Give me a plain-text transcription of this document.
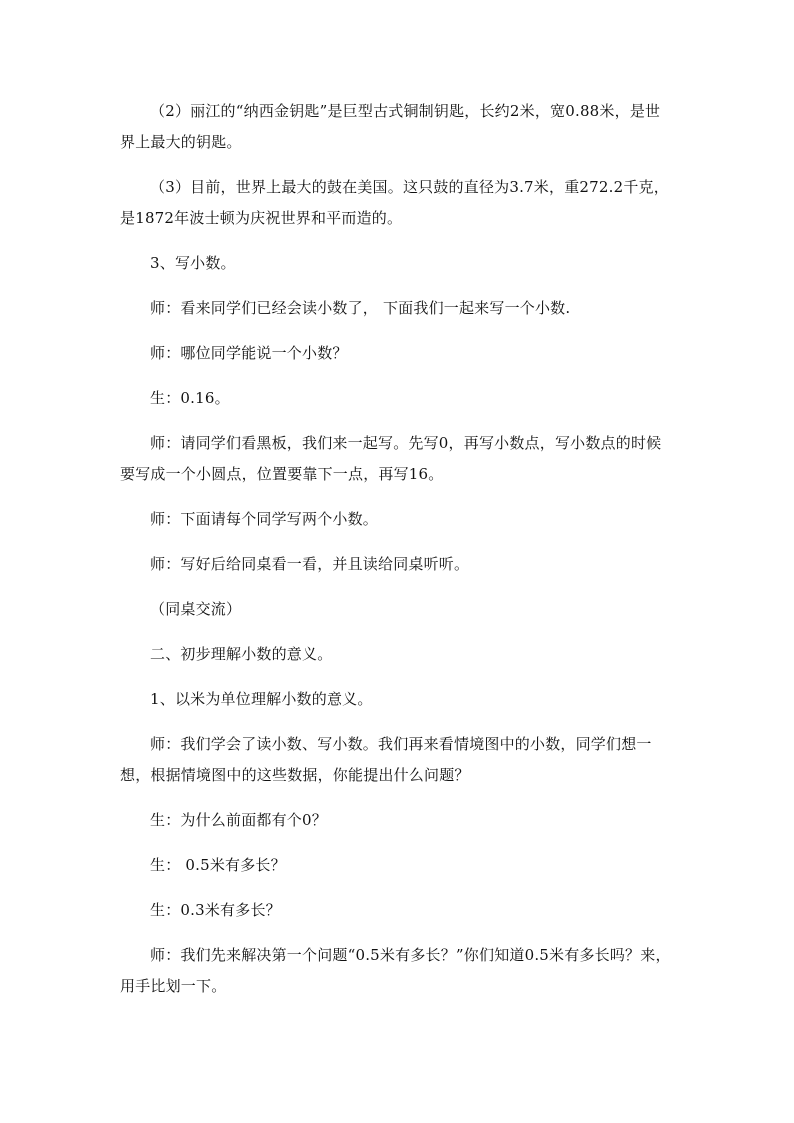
（2）丽江的“纳西金钥匙”是巨型古式铜制钥匙，长约2米，宽0.88米，是世界上最大的钥匙。

（3）目前，世界上最大的鼓在美国。这只鼓的直径为3.7米，重272.2千克，是1872年波士顿为庆祝世界和平而造的。

3、写小数。

师：看来同学们已经会读小数了， 下面我们一起来写一个小数.

师：哪位同学能说一个小数？

生：0.16。

师：请同学们看黑板，我们来一起写。先写0，再写小数点，写小数点的时候要写成一个小圆点，位置要靠下一点，再写16。

师：下面请每个同学写两个小数。

师：写好后给同桌看一看，并且读给同桌听听。

（同桌交流）

二、初步理解小数的意义。

1、以米为单位理解小数的意义。

师：我们学会了读小数、写小数。我们再来看情境图中的小数，同学们想一想，根据情境图中的这些数据，你能提出什么问题？

生：为什么前面都有个0？

生： 0.5米有多长？

生：0.3米有多长？

师：我们先来解决第一个问题“0.5米有多长？”你们知道0.5米有多长吗？来，用手比划一下。
